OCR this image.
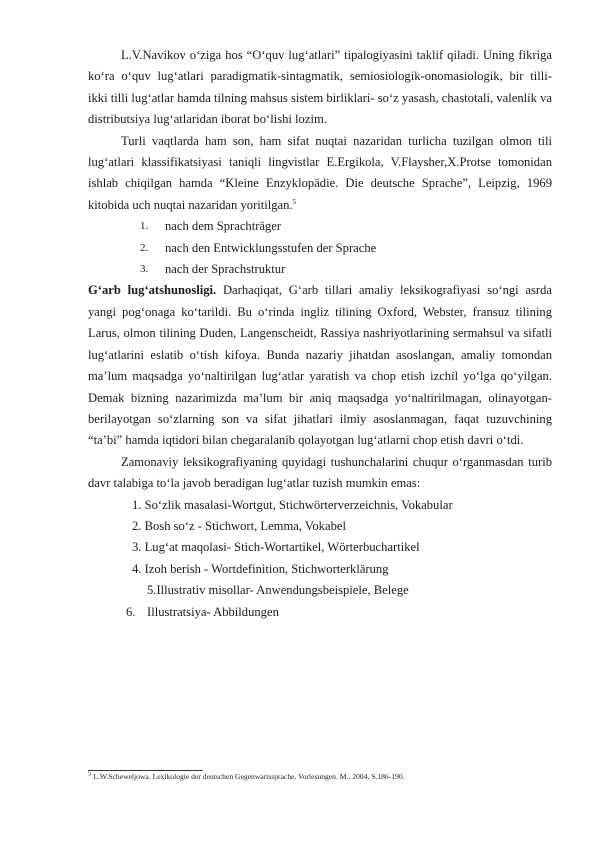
L.V.Navikov o‘ziga hos “O‘quv lug‘atlari” tipalogiyasini taklif qiladi. Uning fikriga ko‘ra o‘quv lug‘atlari paradigmatik-sintagmatik, semiosiologik-onomasiologik, bir tilli- ikki tilli lug‘atlar hamda tilning mahsus sistem birliklari- so‘z yasash, chastotali, valenlik va distributsiya lug‘atlaridan iborat bo‘lishi lozim.

Turli vaqtlarda ham son, ham sifat nuqtai nazaridan turlicha tuzilgan olmon tili lug‘atlari klassifikatsiyasi taniqli lingvistlar E.Ergikola, V.Flaysher,X.Protse tomonidan ishlab chiqilgan hamda “Kleine Enzyklopädie. Die deutsche Sprache”, Leipzig, 1969 kitobida uch nuqtai nazaridan yoritilgan.$^5$

1. nach dem Sprachträger
2. nach den Entwicklungsstufen der Sprache
3. nach der Sprachstruktur

G‘arb lug‘atshunosligi. Darhaqiqat, G‘arb tillari amaliy leksikografiyasi so‘ngi asrda yangi pog‘onaga ko‘tarildi. Bu o‘rinda ingliz tilining Oxford, Webster, fransuz tilining Larus, olmon tilining Duden, Langenscheidt, Rassiya nashriyotlarining sermahsul va sifatli lug‘atlarini eslatib o‘tish kifoya. Bunda nazariy jihatdan asoslangan, amaliy tomondan ma’lum maqsadga yo‘naltirilgan lug‘atlar yaratish va chop etish izchil yo‘lga qo‘yilgan. Demak bizning nazarimizda ma’lum bir aniq maqsadga yo‘naltirilmagan, olinayotgan-berilayotgan so‘zlarning son va sifat jihatlari ilmiy asoslanmagan, faqat tuzuvchining “ta’bi” hamda iqtidori bilan chegaralanib qolayotgan lug‘atlarni chop etish davri o‘tdi.

Zamonaviy leksikografiyaning quyidagi tushunchalarini chuqur o‘rganmasdan turib davr talabiga to‘la javob beradigan lug‘atlar tuzish mumkin emas:

1. So‘zlik masalasi-Wortgut, Stichwörterverzeichnis, Vokabular
2. Bosh so‘z - Stichwort, Lemma, Vokabel
3. Lug‘at maqolasi- Stich-Wortartikel, Wörterbuchartikel
4. Izoh berish - Wortdefinition, Stichworterklärung
5.Illustrativ misollar- Anwendungsbeispiele, Belege
6. Illustratsiya- Abbildungen
$^5$ L.W.Scheweljowa. Lexikologie der deutschen Gegenwartssprache. Vorlesungen. M., 2004, S.186-190.
